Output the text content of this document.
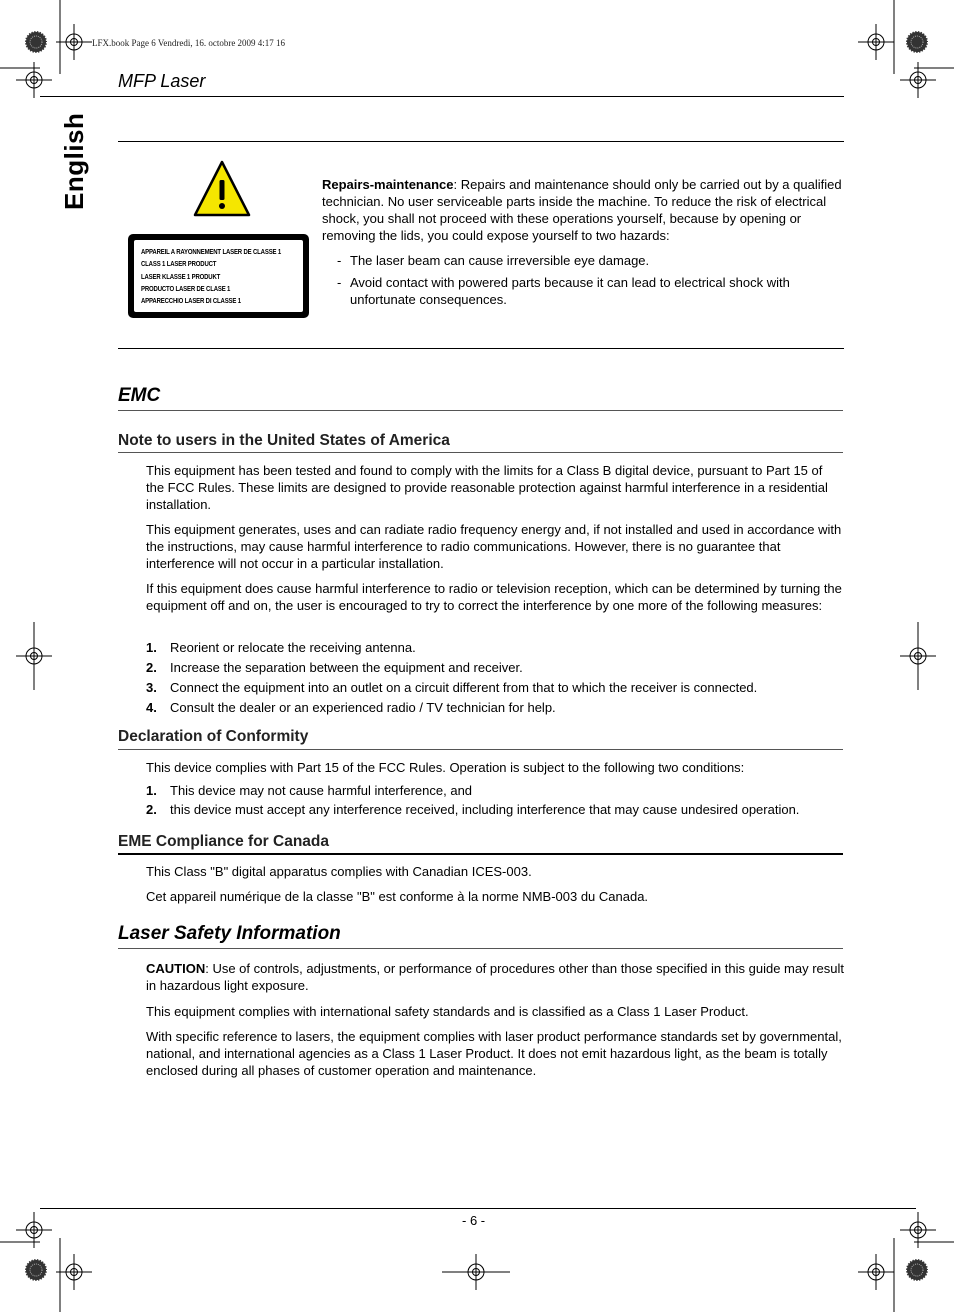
LFX.book Page 6 Vendredi, 16. octobre 2009 4:17 16
MFP Laser
English
APPAREIL A RAYONNEMENT LASER DE CLASSE 1
CLASS 1 LASER PRODUCT
LASER KLASSE 1 PRODUKT
PRODUCTO LASER DE CLASE 1
APPARECCHIO LASER DI CLASSE 1

Repairs-maintenance: Repairs and maintenance should only be carried out by a qualified technician. No user serviceable parts inside the machine. To reduce the risk of electrical shock, you shall not proceed with these operations yourself, because by opening or removing the lids, you could expose yourself to two hazards:

- The laser beam can cause irreversible eye damage.
- Avoid contact with powered parts because it can lead to electrical shock with unfortunate consequences.
EMC
Note to users in the United States of America

This equipment has been tested and found to comply with the limits for a Class B digital device, pursuant to Part 15 of the FCC Rules. These limits are designed to provide reasonable protection against harmful interference in a residential installation.

This equipment generates, uses and can radiate radio frequency energy and, if not installed and used in accordance with the instructions, may cause harmful interference to radio communications. However, there is no guarantee that interference will not occur in a particular installation.

If this equipment does cause harmful interference to radio or television reception, which can be determined by turning the equipment off and on, the user is encouraged to try to correct the interference by one more of the following measures:

1. Reorient or relocate the receiving antenna.
2. Increase the separation between the equipment and receiver.
3. Connect the equipment into an outlet on a circuit different from that to which the receiver is connected.
4. Consult the dealer or an experienced radio / TV technician for help.
Declaration of Conformity

This device complies with Part 15 of the FCC Rules. Operation is subject to the following two conditions:

1. This device may not cause harmful interference, and
2. this device must accept any interference received, including interference that may cause undesired operation.
EME Compliance for Canada

This Class "B" digital apparatus complies with Canadian ICES-003.

Cet appareil numérique de la classe "B" est conforme à la norme NMB-003 du Canada.

Laser Safety Information

CAUTION: Use of controls, adjustments, or performance of procedures other than those specified in this guide may result in hazardous light exposure.

This equipment complies with international safety standards and is classified as a Class 1 Laser Product.

With specific reference to lasers, the equipment complies with laser product performance standards set by governmental, national, and international agencies as a Class 1 Laser Product. It does not emit hazardous light, as the beam is totally enclosed during all phases of customer operation and maintenance.

- 6 -
